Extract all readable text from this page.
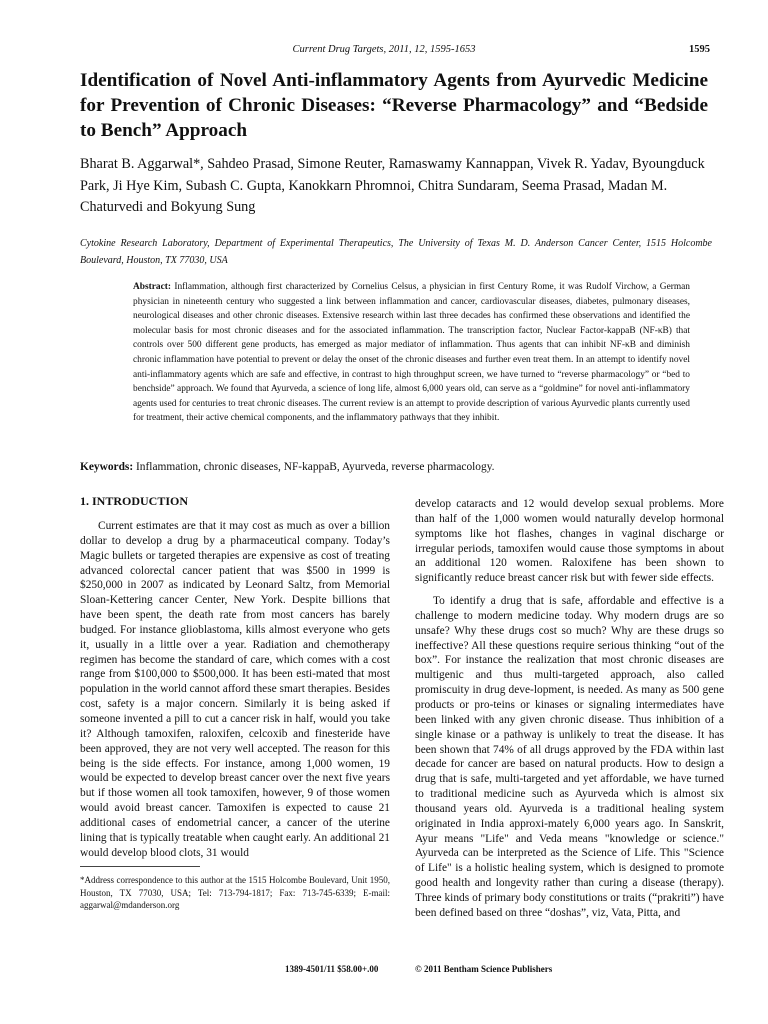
Current Drug Targets, 2011, 12, 1595-1653	1595
Identification of Novel Anti-inflammatory Agents from Ayurvedic Medicine for Prevention of Chronic Diseases: “Reverse Pharmacology” and “Bedside to Bench” Approach

Bharat B. Aggarwal*, Sahdeo Prasad, Simone Reuter, Ramaswamy Kannappan, Vivek R. Yadav, Byoungduck Park, Ji Hye Kim, Subash C. Gupta, Kanokkarn Phromnoi, Chitra Sundaram, Seema Prasad, Madan M. Chaturvedi and Bokyung Sung

Cytokine Research Laboratory, Department of Experimental Therapeutics, The University of Texas M. D. Anderson Cancer Center, 1515 Holcombe Boulevard, Houston, TX 77030, USA

Abstract: Inflammation, although first characterized by Cornelius Celsus, a physician in first Century Rome, it was Rudolf Virchow, a German physician in nineteenth century who suggested a link between inflammation and cancer, cardiovascular diseases, diabetes, pulmonary diseases, neurological diseases and other chronic diseases. Extensive research within last three decades has confirmed these observations and identified the molecular basis for most chronic diseases and for the associated inflammation. The transcription factor, Nuclear Factor-kappaB (NF-κB) that controls over 500 different gene products, has emerged as major mediator of inflammation. Thus agents that can inhibit NF-κB and diminish chronic inflammation have potential to prevent or delay the onset of the chronic diseases and further even treat them. In an attempt to identify novel anti-inflammatory agents which are safe and effective, in contrast to high throughput screen, we have turned to “reverse pharmacology” or “bed to benchside” approach. We found that Ayurveda, a science of long life, almost 6,000 years old, can serve as a “goldmine” for novel anti-inflammatory agents used for centuries to treat chronic diseases. The current review is an attempt to provide description of various Ayurvedic plants currently used for treatment, their active chemical components, and the inflammatory pathways that they inhibit.

Keywords: Inflammation, chronic diseases, NF-kappaB, Ayurveda, reverse pharmacology.

1. INTRODUCTION

Current estimates are that it may cost as much as over a billion dollar to develop a drug by a pharmaceutical company. Today’s Magic bullets or targeted therapies are expensive as cost of treating advanced colorectal cancer patient that was $500 in 1999 is $250,000 in 2007 as indicated by Leonard Saltz, from Memorial Sloan-Kettering cancer Center, New York. Despite billions that have been spent, the death rate from most cancers has barely budged. For instance glioblastoma, kills almost everyone who gets it, usually in a little over a year. Radiation and chemotherapy regimen has become the standard of care, which comes with a cost range from $100,000 to $500,000. It has been esti-mated that most population in the world cannot afford these smart therapies. Besides cost, safety is a major concern. Similarly it is being asked if someone invented a pill to cut a cancer risk in half, would you take it? Although tamoxifen, raloxifen, celcoxib and finesteride have been approved, they are not very well accepted. The reason for this being is the side effects. For instance, among 1,000 women, 19 would be expected to develop breast cancer over the next five years but if those women all took tamoxifen, however, 9 of those women would avoid breast cancer. Tamoxifen is expected to cause 21 additional cases of endometrial cancer, a cancer of the uterine lining that is typically treatable when caught early. An additional 21 would develop blood clots, 31 would

develop cataracts and 12 would develop sexual problems. More than half of the 1,000 women would naturally develop hormonal symptoms like hot flashes, changes in vaginal discharge or irregular periods, tamoxifen would cause those symptoms in about an additional 120 women. Raloxifene has been shown to significantly reduce breast cancer risk but with fewer side effects.

To identify a drug that is safe, affordable and effective is a challenge to modern medicine today. Why modern drugs are so unsafe? Why these drugs cost so much? Why are these drugs so ineffective? All these questions require serious thinking “out of the box”. For instance the realization that most chronic diseases are multigenic and thus multi-targeted approach, also called promiscuity in drug deve-lopment, is needed. As many as 500 gene products or pro-teins or kinases or signaling intermediates have been linked with any given chronic disease. Thus inhibition of a single kinase or a pathway is unlikely to treat the disease. It has been shown that 74% of all drugs approved by the FDA within last decade for cancer are based on natural products. How to design a drug that is safe, multi-targeted and yet affordable, we have turned to traditional medicine such as Ayurveda which is almost six thousand years old. Ayurveda is a traditional healing system originated in India approxi-mately 6,000 years ago. In Sanskrit, Ayur means "Life" and Veda means "knowledge or science." Ayurveda can be interpreted as the Science of Life. This "Science of Life" is a holistic healing system, which is designed to promote good health and longevity rather than curing a disease (therapy). Three kinds of primary body constitutions or traits (“prakriti”) have been defined based on three “doshas”, viz, Vata, Pitta, and

*Address correspondence to this author at the 1515 Holcombe Boulevard, Unit 1950, Houston, TX 77030, USA; Tel: 713-794-1817; Fax: 713-745-6339; E-mail: aggarwal@mdanderson.org

1389-4501/11 $58.00+.00	© 2011 Bentham Science Publishers
